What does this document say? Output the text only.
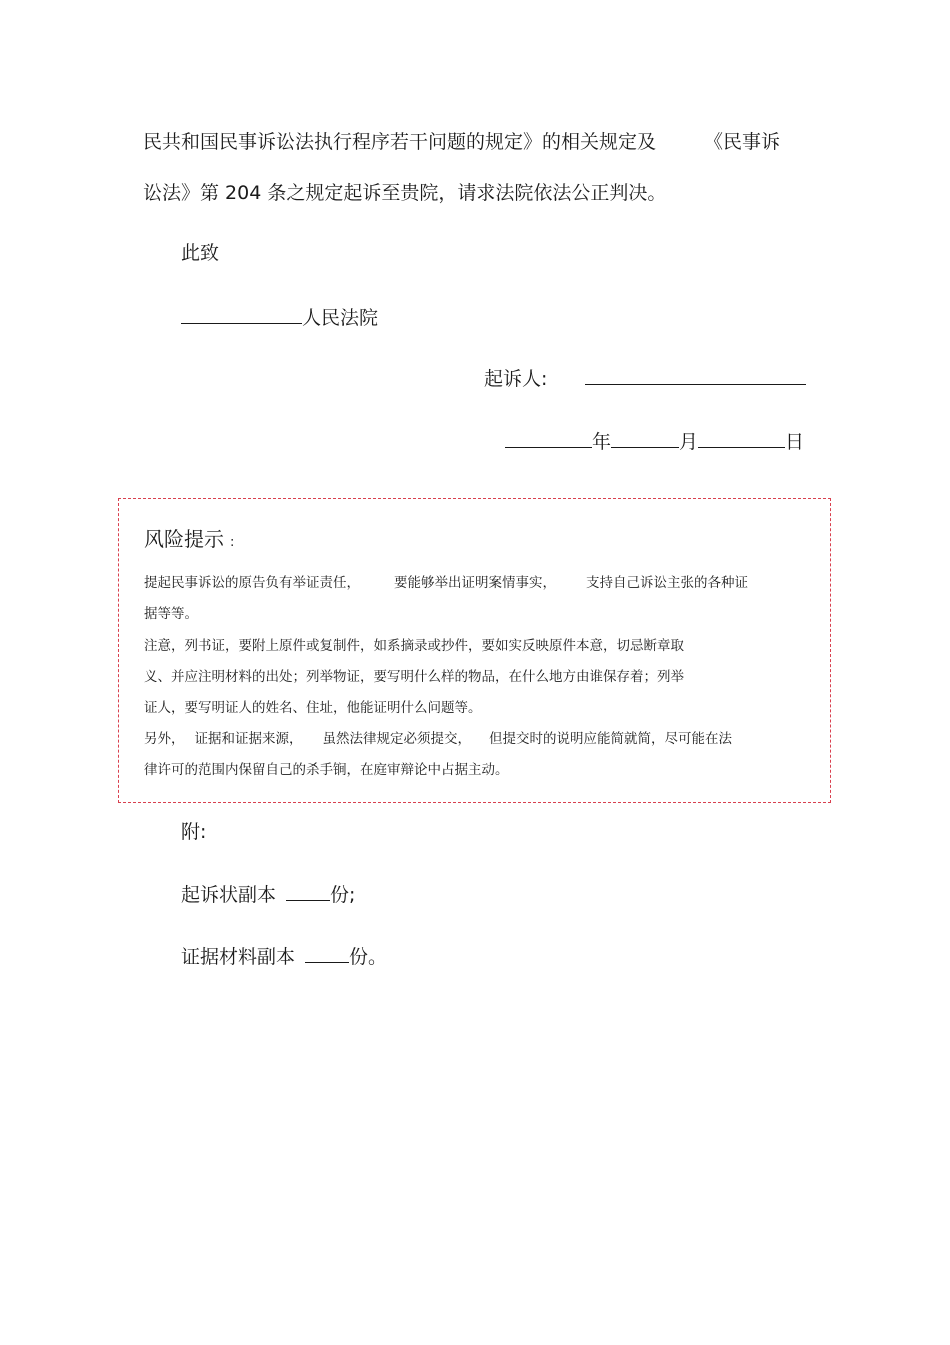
民共和国民事诉讼法执行程序若干问题的规定》的相关规定及	《民事诉
讼法》第 204 条之规定起诉至贵院，请求法院依法公正判决。
此致
人民法院
起诉人:
年	月	日
风险提示 :
提起民事诉讼的原告负有举证责任，	要能够举出证明案情事实， 支持自己诉讼主张的各种证
据等等。
注意，列书证，要附上原件或复制件，如系摘录或抄件，要如实反映原件本意，切忌断章取
义、并应注明材料的出处；列举物证，要写明什么样的物品，在什么地方由谁保存着；列举
证人，要写明证人的姓名、住址，他能证明什么问题等。
另外， 证据和证据来源， 虽然法律规定必须提交， 但提交时的说明应能简就简，尽可能在法
律许可的范围内保留自己的杀手锏，在庭审辩论中占据主动。
附:
起诉状副本	份;
证据材料副本	份。
